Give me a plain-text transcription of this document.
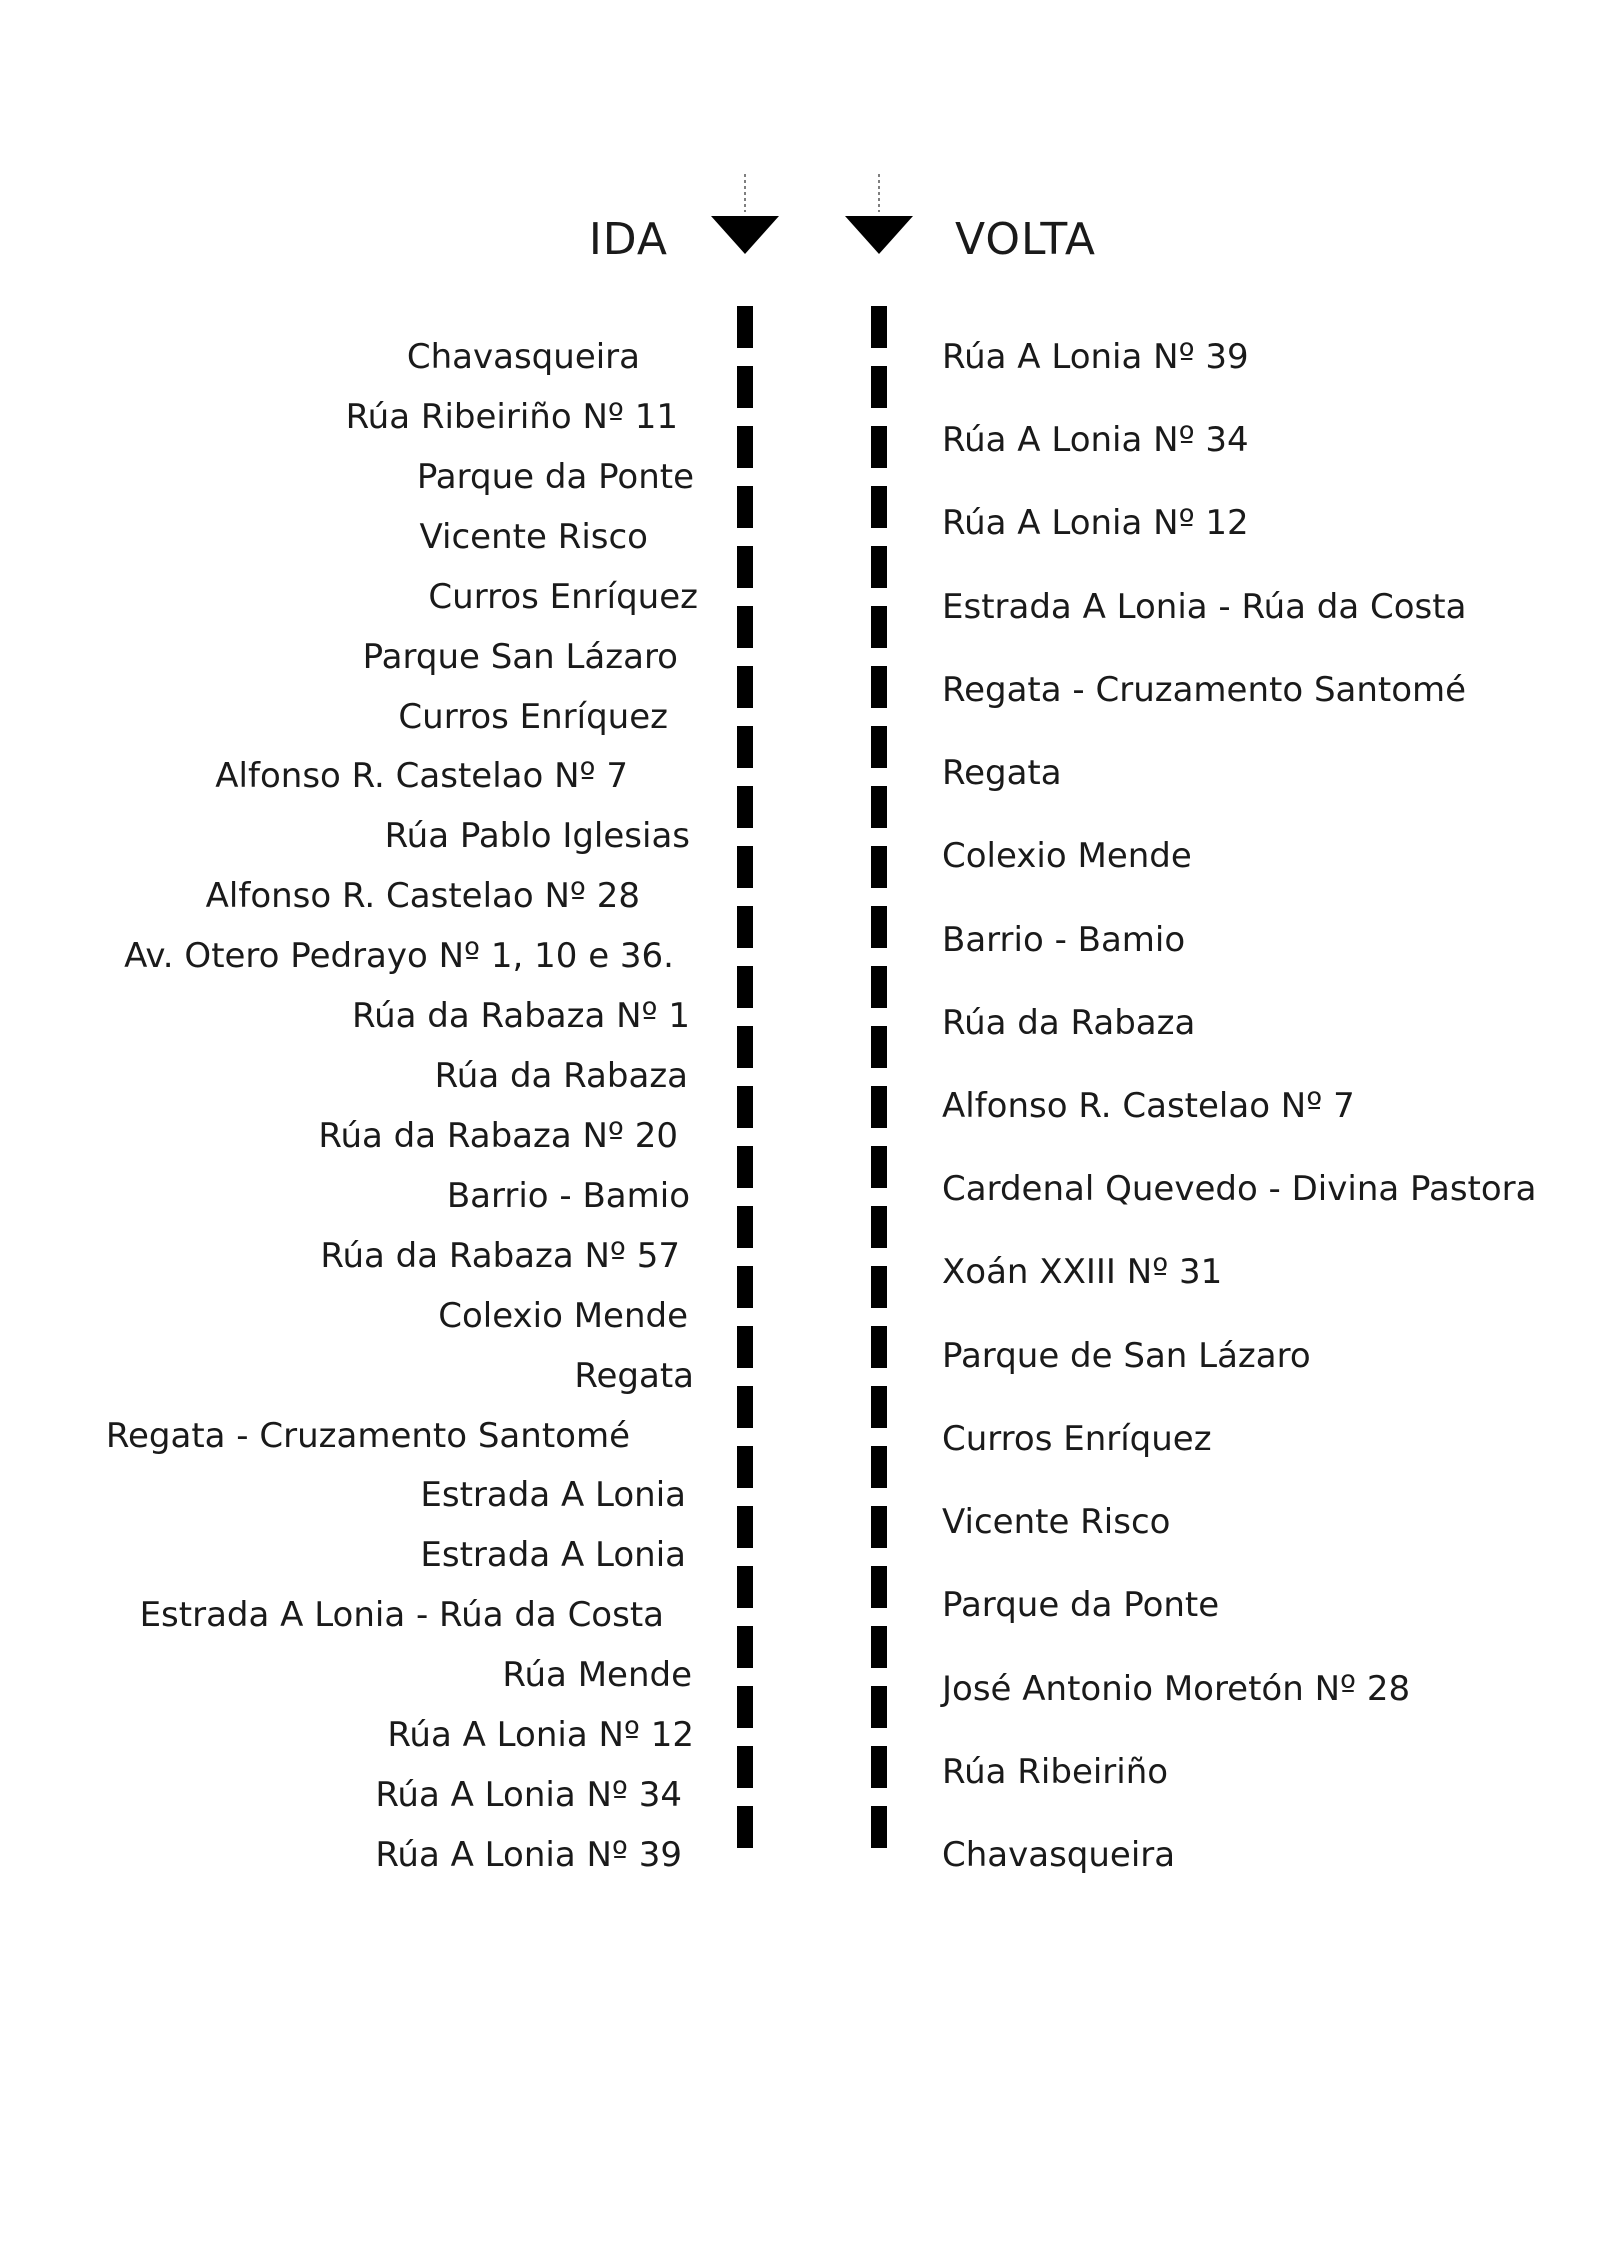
IDA	VOLTA
Chavasqueira
Rúa Ribeiriño Nº 11
Parque da Ponte
Vicente Risco
Curros Enríquez
Parque San Lázaro
Curros Enríquez
Alfonso R. Castelao Nº 7
Rúa Pablo Iglesias
Alfonso R. Castelao Nº 28
Av. Otero Pedrayo Nº 1, 10 e 36.
Rúa da Rabaza Nº 1
Rúa da Rabaza
Rúa da Rabaza Nº 20
Barrio - Bamio
Rúa da Rabaza Nº 57
Colexio Mende
Regata
Regata - Cruzamento Santomé
Estrada A Lonia
Estrada A Lonia
Estrada A Lonia - Rúa da Costa
Rúa Mende
Rúa A Lonia Nº 12
Rúa A Lonia Nº 34
Rúa A Lonia Nº 39
Rúa A Lonia Nº 39
Rúa A Lonia Nº 34
Rúa A Lonia Nº 12
Estrada A Lonia - Rúa da Costa
Regata - Cruzamento Santomé
Regata
Colexio Mende
Barrio - Bamio
Rúa da Rabaza
Alfonso R. Castelao Nº 7
Cardenal Quevedo - Divina Pastora
Xoán XXIII Nº 31
Parque de San Lázaro
Curros Enríquez
Vicente Risco
Parque da Ponte
José Antonio Moretón Nº 28
Rúa Ribeiriño
Chavasqueira
